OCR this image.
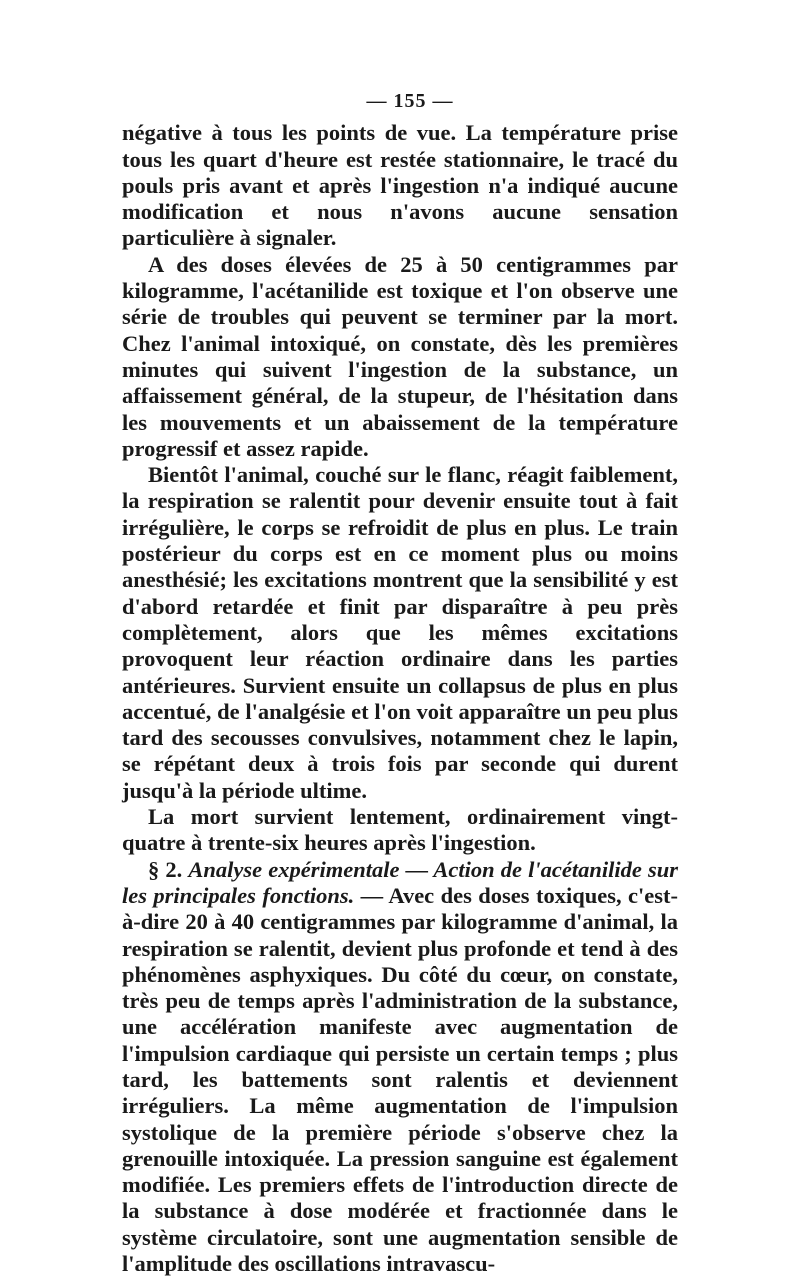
— 155 —

négative à tous les points de vue. La température prise tous les quart d'heure est restée stationnaire, le tracé du pouls pris avant et après l'ingestion n'a indiqué aucune modification et nous n'avons aucune sensation particulière à signaler.

A des doses élevées de 25 à 50 centigrammes par kilogramme, l'acétanilide est toxique et l'on observe une série de troubles qui peuvent se terminer par la mort. Chez l'animal intoxiqué, on constate, dès les premières minutes qui suivent l'ingestion de la substance, un affaissement général, de la stupeur, de l'hésitation dans les mouvements et un abaissement de la température progressif et assez rapide.

Bientôt l'animal, couché sur le flanc, réagit faiblement, la respiration se ralentit pour devenir ensuite tout à fait irrégulière, le corps se refroidit de plus en plus. Le train postérieur du corps est en ce moment plus ou moins anesthésié; les excitations montrent que la sensibilité y est d'abord retardée et finit par disparaître à peu près complètement, alors que les mêmes excitations provoquent leur réaction ordinaire dans les parties antérieures. Survient ensuite un collapsus de plus en plus accentué, de l'analgésie et l'on voit apparaître un peu plus tard des secousses convulsives, notamment chez le lapin, se répétant deux à trois fois par seconde qui durent jusqu'à la période ultime.

La mort survient lentement, ordinairement vingt-quatre à trente-six heures après l'ingestion.

§ 2. Analyse expérimentale — Action de l'acétanilide sur les principales fonctions. — Avec des doses toxiques, c'est-à-dire 20 à 40 centigrammes par kilogramme d'animal, la respiration se ralentit, devient plus profonde et tend à des phénomènes asphyxiques. Du côté du cœur, on constate, très peu de temps après l'administration de la substance, une accélération manifeste avec augmentation de l'impulsion cardiaque qui persiste un certain temps ; plus tard, les battements sont ralentis et deviennent irréguliers. La même augmentation de l'impulsion systolique de la première période s'observe chez la grenouille intoxiquée. La pression sanguine est également modifiée. Les premiers effets de l'introduction directe de la substance à dose modérée et fractionnée dans le système circulatoire, sont une augmentation sensible de l'amplitude des oscillations intravascu-
